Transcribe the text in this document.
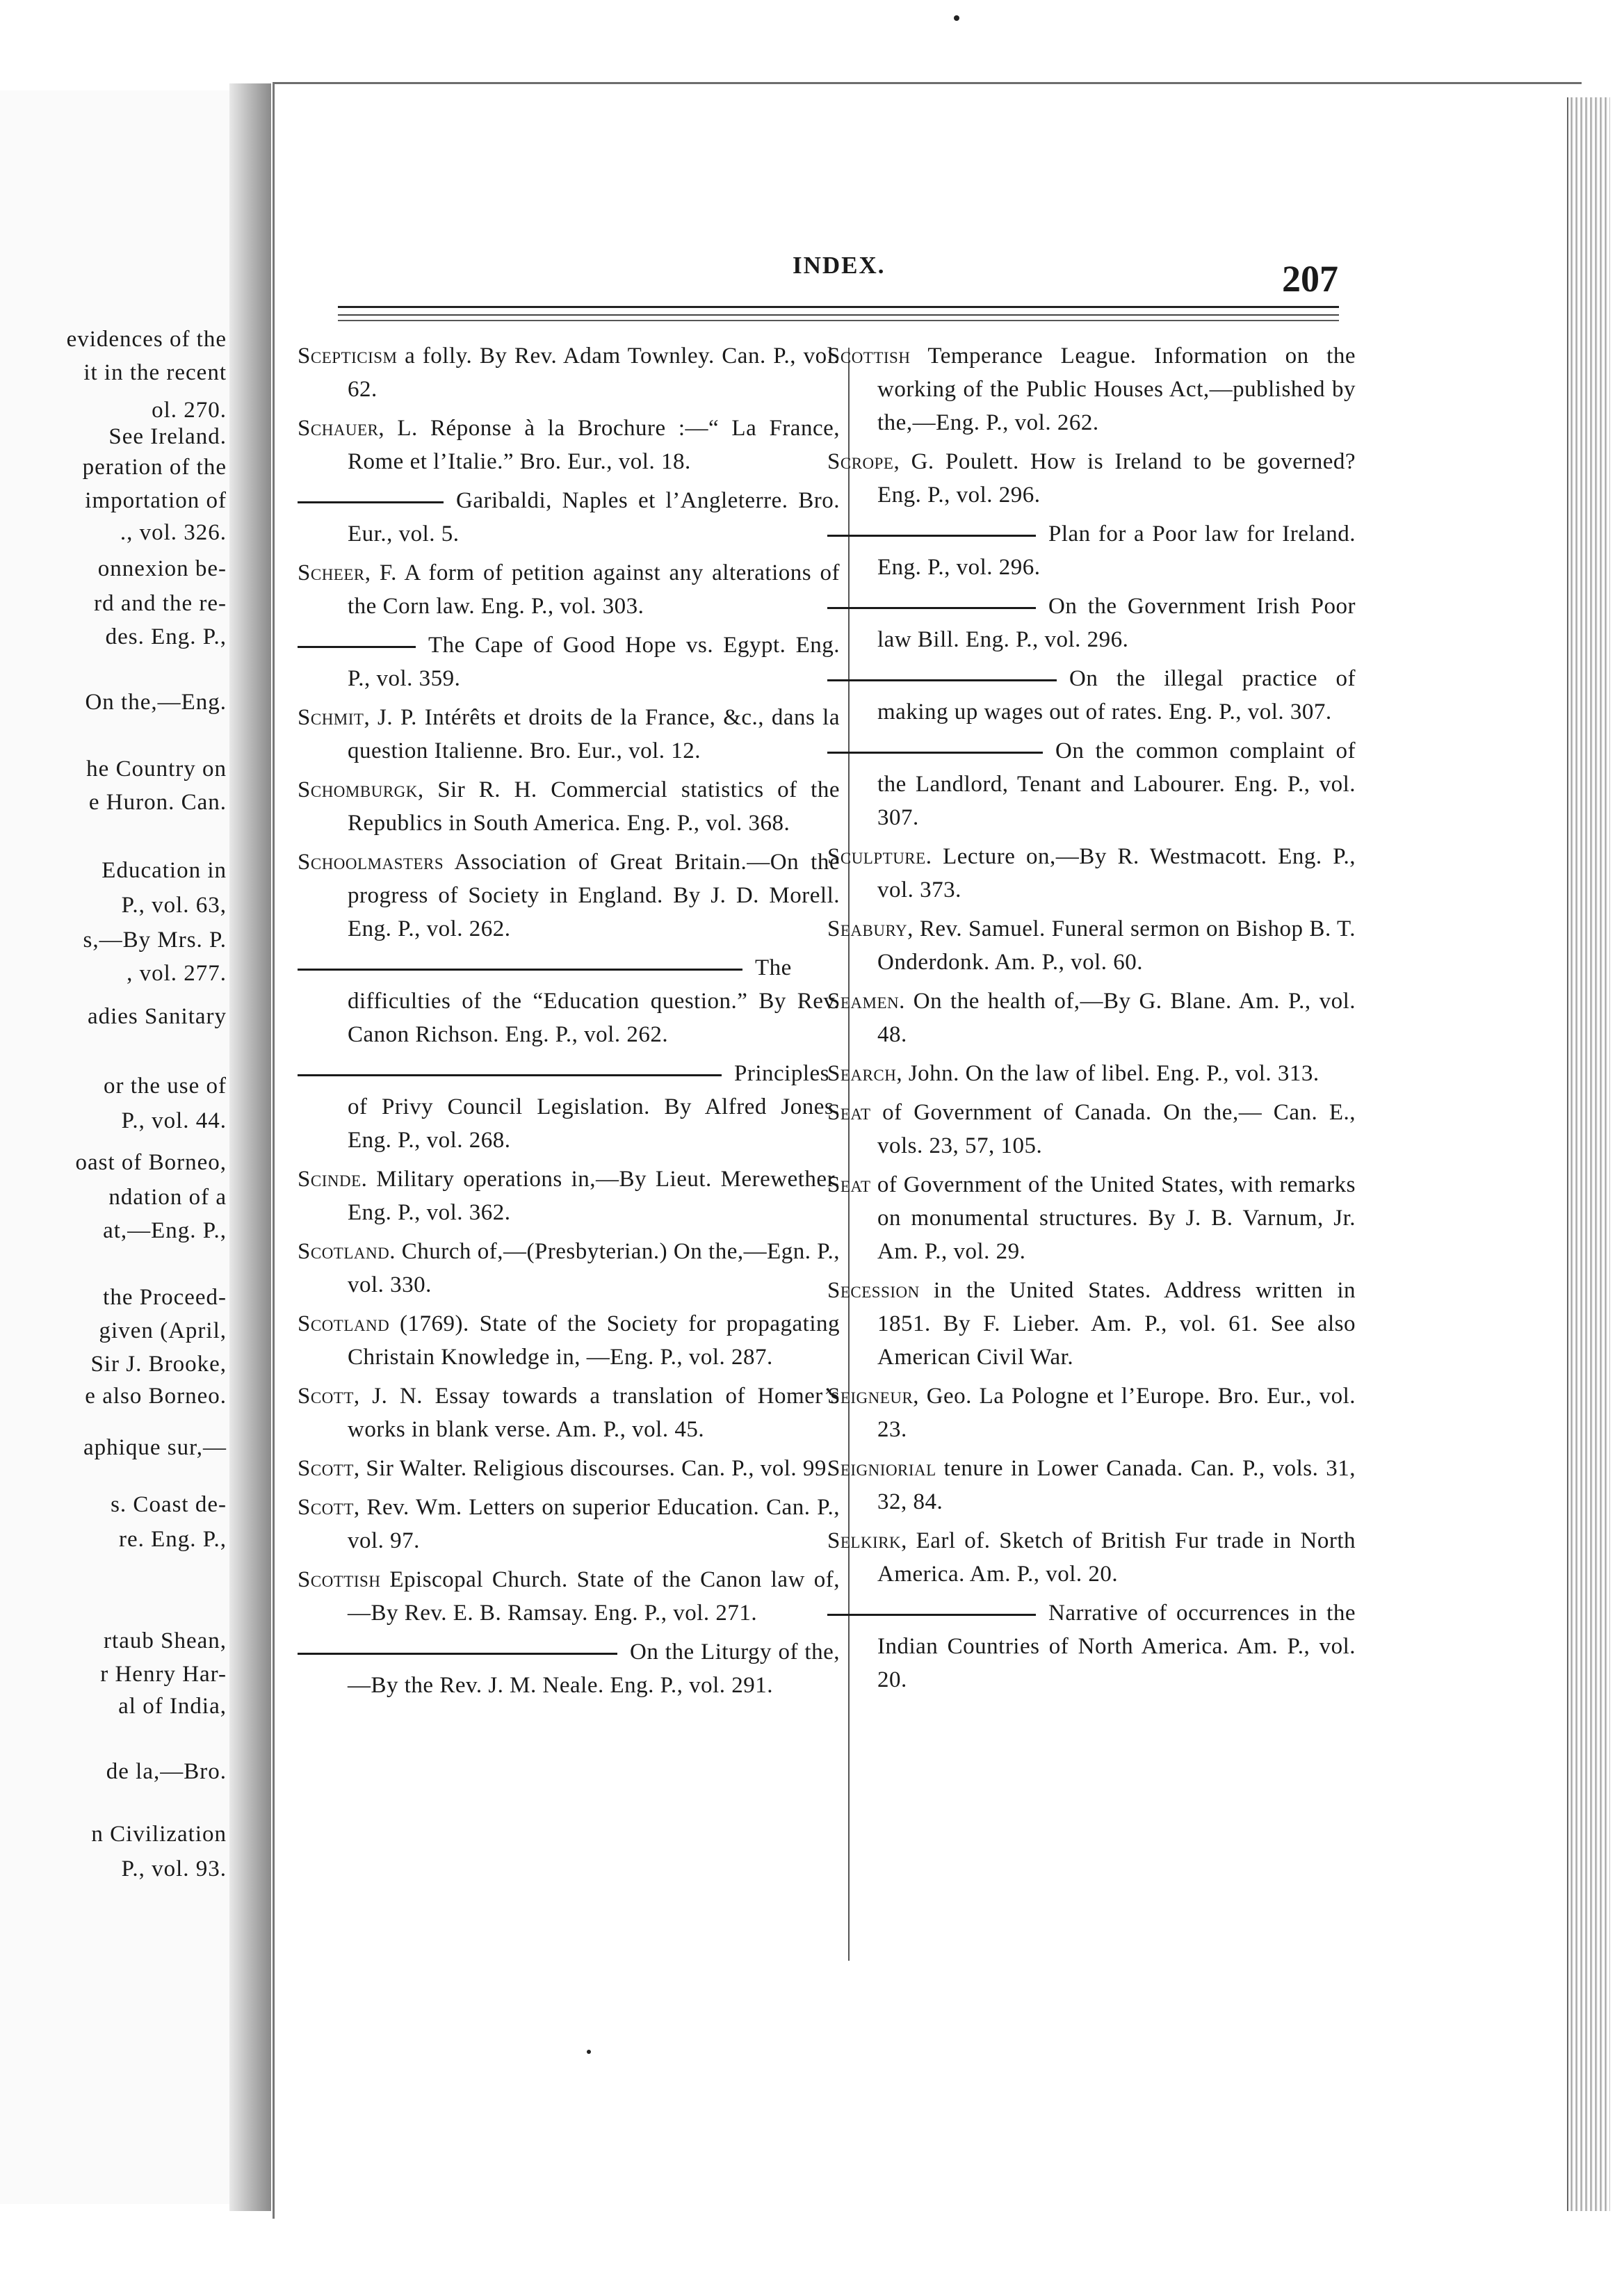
evidences of the
it in the recent
ol. 270.
See Ireland.
peration of the
importation of
., vol. 326.
onnexion be-
rd and the re-
des. Eng. P.,
On the,—Eng.
he Country on
e Huron. Can.
Education in
P., vol. 63,
s,—By Mrs. P.
, vol. 277.
adies Sanitary
or the use of
P., vol. 44.
oast of Borneo,
ndation of a
at,—Eng. P.,
the Proceed-
given (April,
Sir J. Brooke,
e also Borneo.
aphique sur,—
s. Coast de-
re. Eng. P.,
rtaub Shean,
r Henry Har-
al of India,
de la,—Bro.
n Civilization
P., vol. 93.
INDEX.	207
Scepticism a folly. By Rev. Adam Townley. Can. P., vol. 62.
Schauer, L. Réponse à la Brochure :—“ La France, Rome et l’Italie.” Bro. Eur., vol. 18.
Garibaldi, Naples et l’Angleterre. Bro. Eur., vol. 5.
Scheer, F. A form of petition against any alterations of the Corn law. Eng. P., vol. 303.
The Cape of Good Hope vs. Egypt. Eng. P., vol. 359.
Schmit, J. P. Intérêts et droits de la France, &c., dans la question Italienne. Bro. Eur., vol. 12.
Schomburgk, Sir R. H. Commercial statistics of the Republics in South America. Eng. P., vol. 368.
Schoolmasters Association of Great Britain.—On the progress of Society in England. By J. D. Morell. Eng. P., vol. 262.
The difficulties of the “Education question.” By Rev. Canon Richson. Eng. P., vol. 262.
Principles of Privy Council Legislation. By Alfred Jones. Eng. P., vol. 268.
Scinde. Military operations in,—By Lieut. Merewether. Eng. P., vol. 362.
Scotland. Church of,—(Presbyterian.) On the,—Egn. P., vol. 330.
Scotland (1769). State of the Society for propagating Christain Knowledge in, —Eng. P., vol. 287.
Scott, J. N. Essay towards a translation of Homer’s works in blank verse. Am. P., vol. 45.
Scott, Sir Walter. Religious discourses. Can. P., vol. 99.
Scott, Rev. Wm. Letters on superior Education. Can. P., vol. 97.
Scottish Episcopal Church. State of the Canon law of,—By Rev. E. B. Ramsay. Eng. P., vol. 271.
On the Liturgy of the,—By the Rev. J. M. Neale. Eng. P., vol. 291.
Scottish Temperance League. Information on the working of the Public Houses Act,—published by the,—Eng. P., vol. 262.
Scrope, G. Poulett. How is Ireland to be governed? Eng. P., vol. 296.
Plan for a Poor law for Ireland. Eng. P., vol. 296.
On the Government Irish Poor law Bill. Eng. P., vol. 296.
On the illegal practice of making up wages out of rates. Eng. P., vol. 307.
On the common complaint of the Landlord, Tenant and Labourer. Eng. P., vol. 307.
Sculpture. Lecture on,—By R. Westmacott. Eng. P., vol. 373.
Seabury, Rev. Samuel. Funeral sermon on Bishop B. T. Onderdonk. Am. P., vol. 60.
Seamen. On the health of,—By G. Blane. Am. P., vol. 48.
Search, John. On the law of libel. Eng. P., vol. 313.
Seat of Government of Canada. On the,— Can. E., vols. 23, 57, 105.
Seat of Government of the United States, with remarks on monumental structures. By J. B. Varnum, Jr. Am. P., vol. 29.
Secession in the United States. Address written in 1851. By F. Lieber. Am. P., vol. 61. See also American Civil War.
Seigneur, Geo. La Pologne et l’Europe. Bro. Eur., vol. 23.
Seigniorial tenure in Lower Canada. Can. P., vols. 31, 32, 84.
Selkirk, Earl of. Sketch of British Fur trade in North America. Am. P., vol. 20.
Narrative of occurrences in the Indian Countries of North America. Am. P., vol. 20.
